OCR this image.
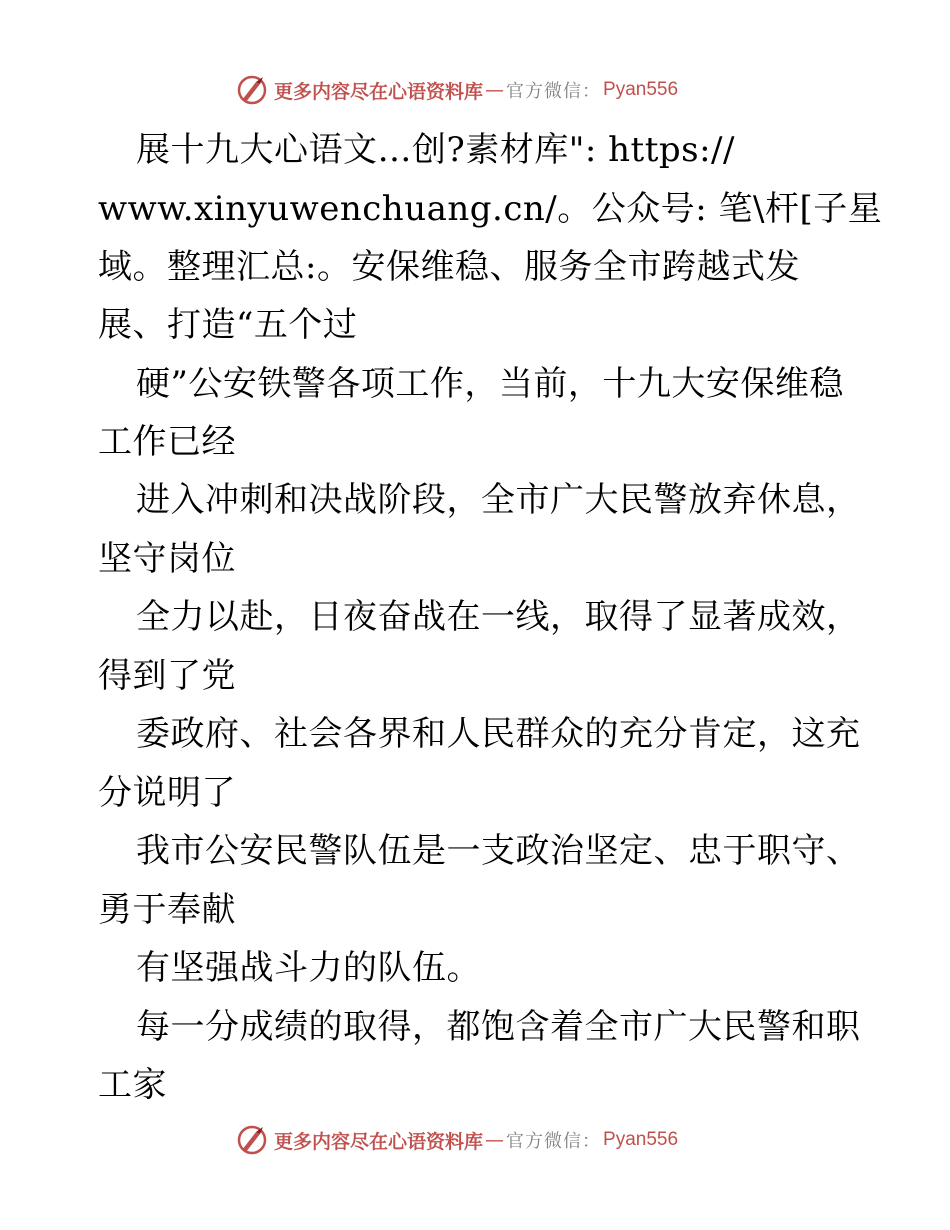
更多内容尽在心语资料库 — 官方微信： Pyan556
展十九大心语文…创?素材库": https://
www.xinyuwenchuang.cn/。公众号: 笔\杆[子星
域。整理汇总:。安保维稳、服务全市跨越式发
展、打造“五个过
硬”公安铁警各项工作，当前，十九大安保维稳
工作已经
进入冲刺和决战阶段，全市广大民警放弃休息，
坚守岗位
全力以赴，日夜奋战在一线，取得了显著成效，
得到了党
委政府、社会各界和人民群众的充分肯定，这充
分说明了
我市公安民警队伍是一支政治坚定、忠于职守、
勇于奉献
有坚强战斗力的队伍。
每一分成绩的取得，都饱含着全市广大民警和职
工家
更多内容尽在心语资料库 — 官方微信： Pyan556
